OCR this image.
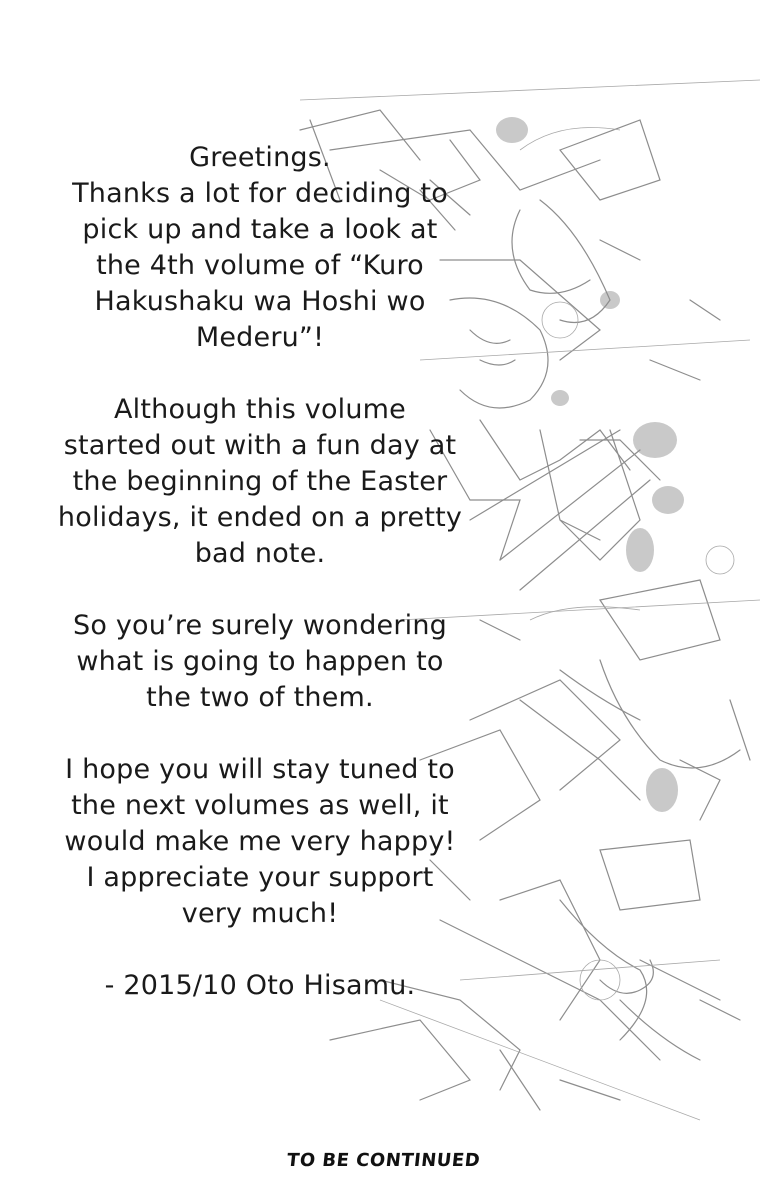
Greetings.
Thanks a lot for deciding to
pick up and take a look at
the 4th volume of “Kuro
Hakushaku wa Hoshi wo
Mederu”!

Although this volume
started out with a fun day at
the beginning of the Easter
holidays, it ended on a pretty
bad note.

So you’re surely wondering
what is going to happen to
the two of them.

I hope you will stay tuned to
the next volumes as well, it
would make me very happy!
I appreciate your support
very much!

- 2015/10 Oto Hisamu.

TO BE CONTINUED
